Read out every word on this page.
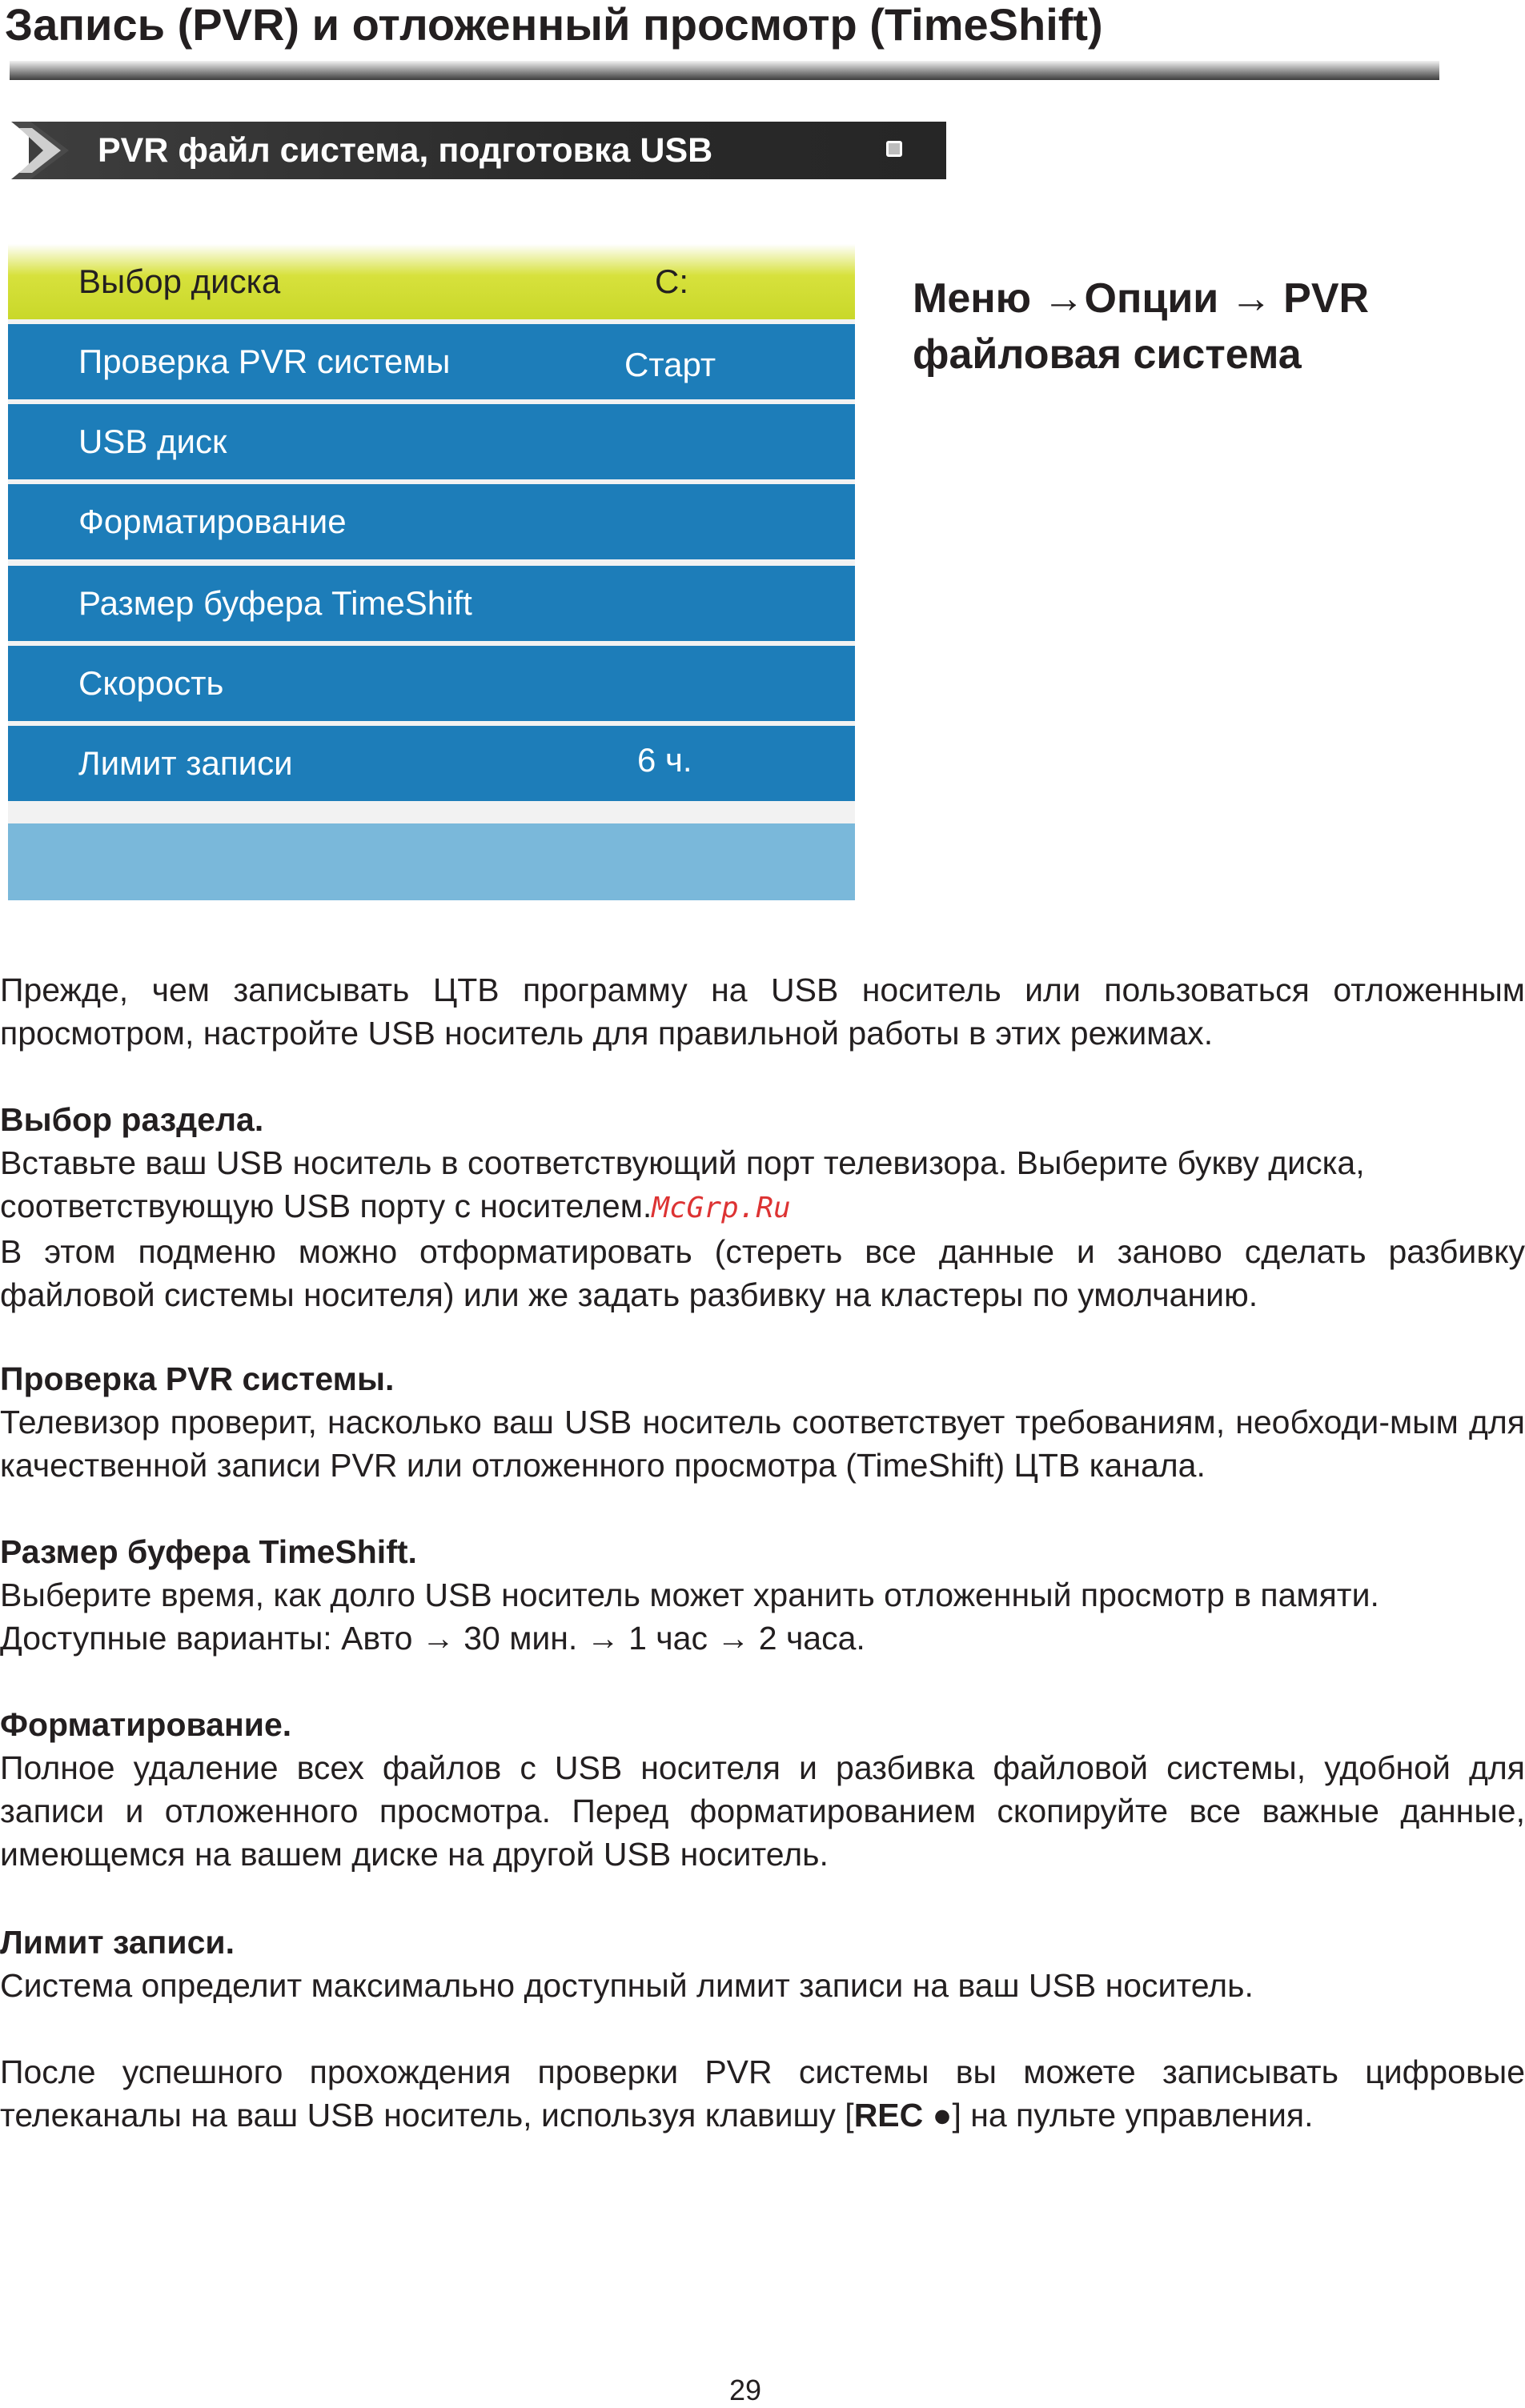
Запись (PVR) и отложенный просмотр (TimeShift)
PVR файл система, подготовка USB
Выбор диска	C:
Проверка PVR системы	Старт
USB диск
Форматирование
Размер буфера TimeShift
Скорость
Лимит записи	6 ч.
Меню →Опции → PVR файловая система

Прежде, чем записывать ЦТВ программу на USB носитель или пользоваться отложенным просмотром, настройте USB носитель для правильной работы в этих режимах.

Выбор раздела.

Вставьте ваш USB носитель в соответствующий порт телевизора. Выберите букву диска,

соответствующую USB порту с носителем.McGrp.Ru

В этом подменю можно отформатировать (стереть все данные и заново сделать разбивку файловой системы носителя) или же задать разбивку на кластеры по умолчанию.

Проверка PVR системы.

Телевизор проверит, насколько ваш USB носитель соответствует требованиям, необходи-мым для качественной записи PVR или отложенного просмотра (TimeShift) ЦТВ канала.

Размер буфера TimeShift.

Выберите время, как долго USB носитель может хранить отложенный просмотр в памяти.

Доступные варианты: Авто → 30 мин. → 1 час → 2 часа.

Форматирование.

Полное удаление всех файлов с USB носителя и разбивка файловой системы, удобной для записи и отложенного просмотра. Перед форматированием скопируйте все важные данные, имеющемся на вашем диске на другой USB носитель.

Лимит записи.

Система определит максимально доступный лимит записи на ваш USB носитель.

После успешного прохождения проверки PVR системы вы можете записывать цифровые телеканалы на ваш USB носитель, используя клавишу [REC ●] на пульте управления.

29
